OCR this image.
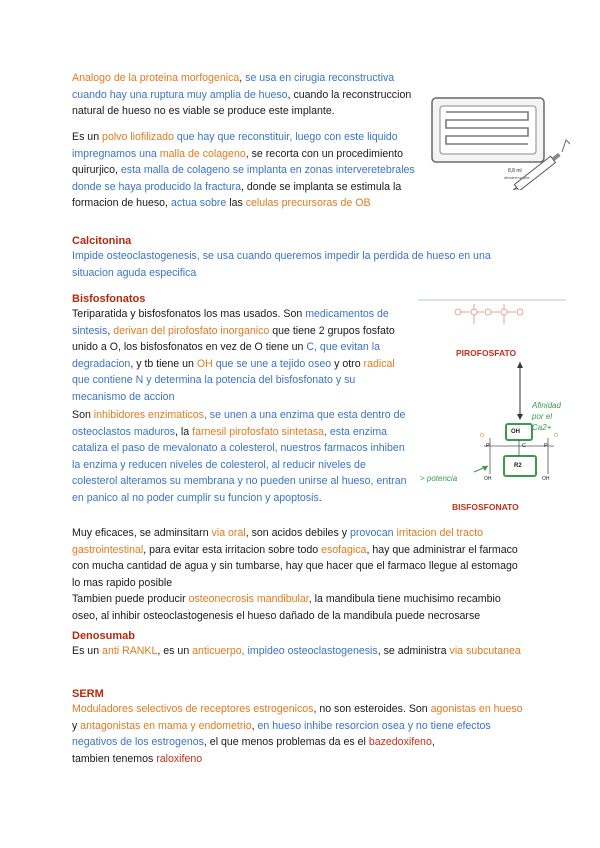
Analogo de la proteina morfogenica, se usa en cirugia reconstructiva cuando hay una ruptura muy amplia de hueso, cuando la reconstruccion natural de hueso no es viable se produce este implante.
8,8 ml
dibaterma alfa
Es un polvo liofilizado que hay que reconstituir, luego con este liquido impregnamos una malla de colageno, se recorta con un procedimiento quirurjico, esta malla de colageno se implanta en zonas interveretebrales donde se haya producido la fractura, donde se implanta se estimula la formacion de hueso, actua sobre las celulas precursoras de OB
Calcitonina
Impide osteoclastogenesis, se usa cuando queremos impedir la perdida de hueso en una situacion aguda especifica
Bisfosfonatos
Teriparatida y bisfosfonatos los mas usados. Son medicamentos de sintesis, derivan del pirofosfato inorganico que tiene 2 grupos fosfato unido a O, los bisfosfonatos en vez de O tiene un C, que evitan la degradacion, y tb tiene un OH que se une a tejido oseo y otro radical que contiene N y determina la potencia del bisfosfonato y su mecanismo de accion
Son inhibidores enzimaticos, se unen a una enzima que esta dentro de osteoclastos maduros, la farnesil pirofosfato sintetasa, esta enzima cataliza el paso de mevalonato a colesterol, nuestros farmacos inhiben la enzima y reducen niveles de colesterol, al reducir niveles de colesterol alteramos su membrana y no pueden unirse al hueso, entran en panico al no poder cumplir su funcion y apoptosis.
PIROFOSFATO
Afinidad por el Ca2+
OH
R2
P	C	P
O	O
OH	OH
> potencia
BISFOSFONATO
Muy eficaces, se adminsitarn via oral, son acidos debiles y provocan irritacion del tracto gastrointestinal, para evitar esta irritacion sobre todo esofagica, hay que administrar el farmaco con mucha cantidad de agua y sin tumbarse, hay que hacer que el farmaco llegue al estomago lo mas rapido posible
Tambien puede producir osteonecrosis mandibular, la mandibula tiene muchisimo recambio oseo, al inhibir osteoclastogenesis el hueso dañado de la mandibula puede necrosarse
Denosumab
Es un anti RANKL, es un anticuerpo, impideo osteoclastogenesis, se administra via subcutanea
SERM
Moduladores selectivos de receptores estrogenicos, no son esteroides. Son agonistas en hueso y antagonistas en mama y endometrio, en hueso inhibe resorcion osea y no tiene efectos negativos de los estrogenos, el que menos problemas da es el bazedoxifeno,
tambien tenemos raloxifeno
